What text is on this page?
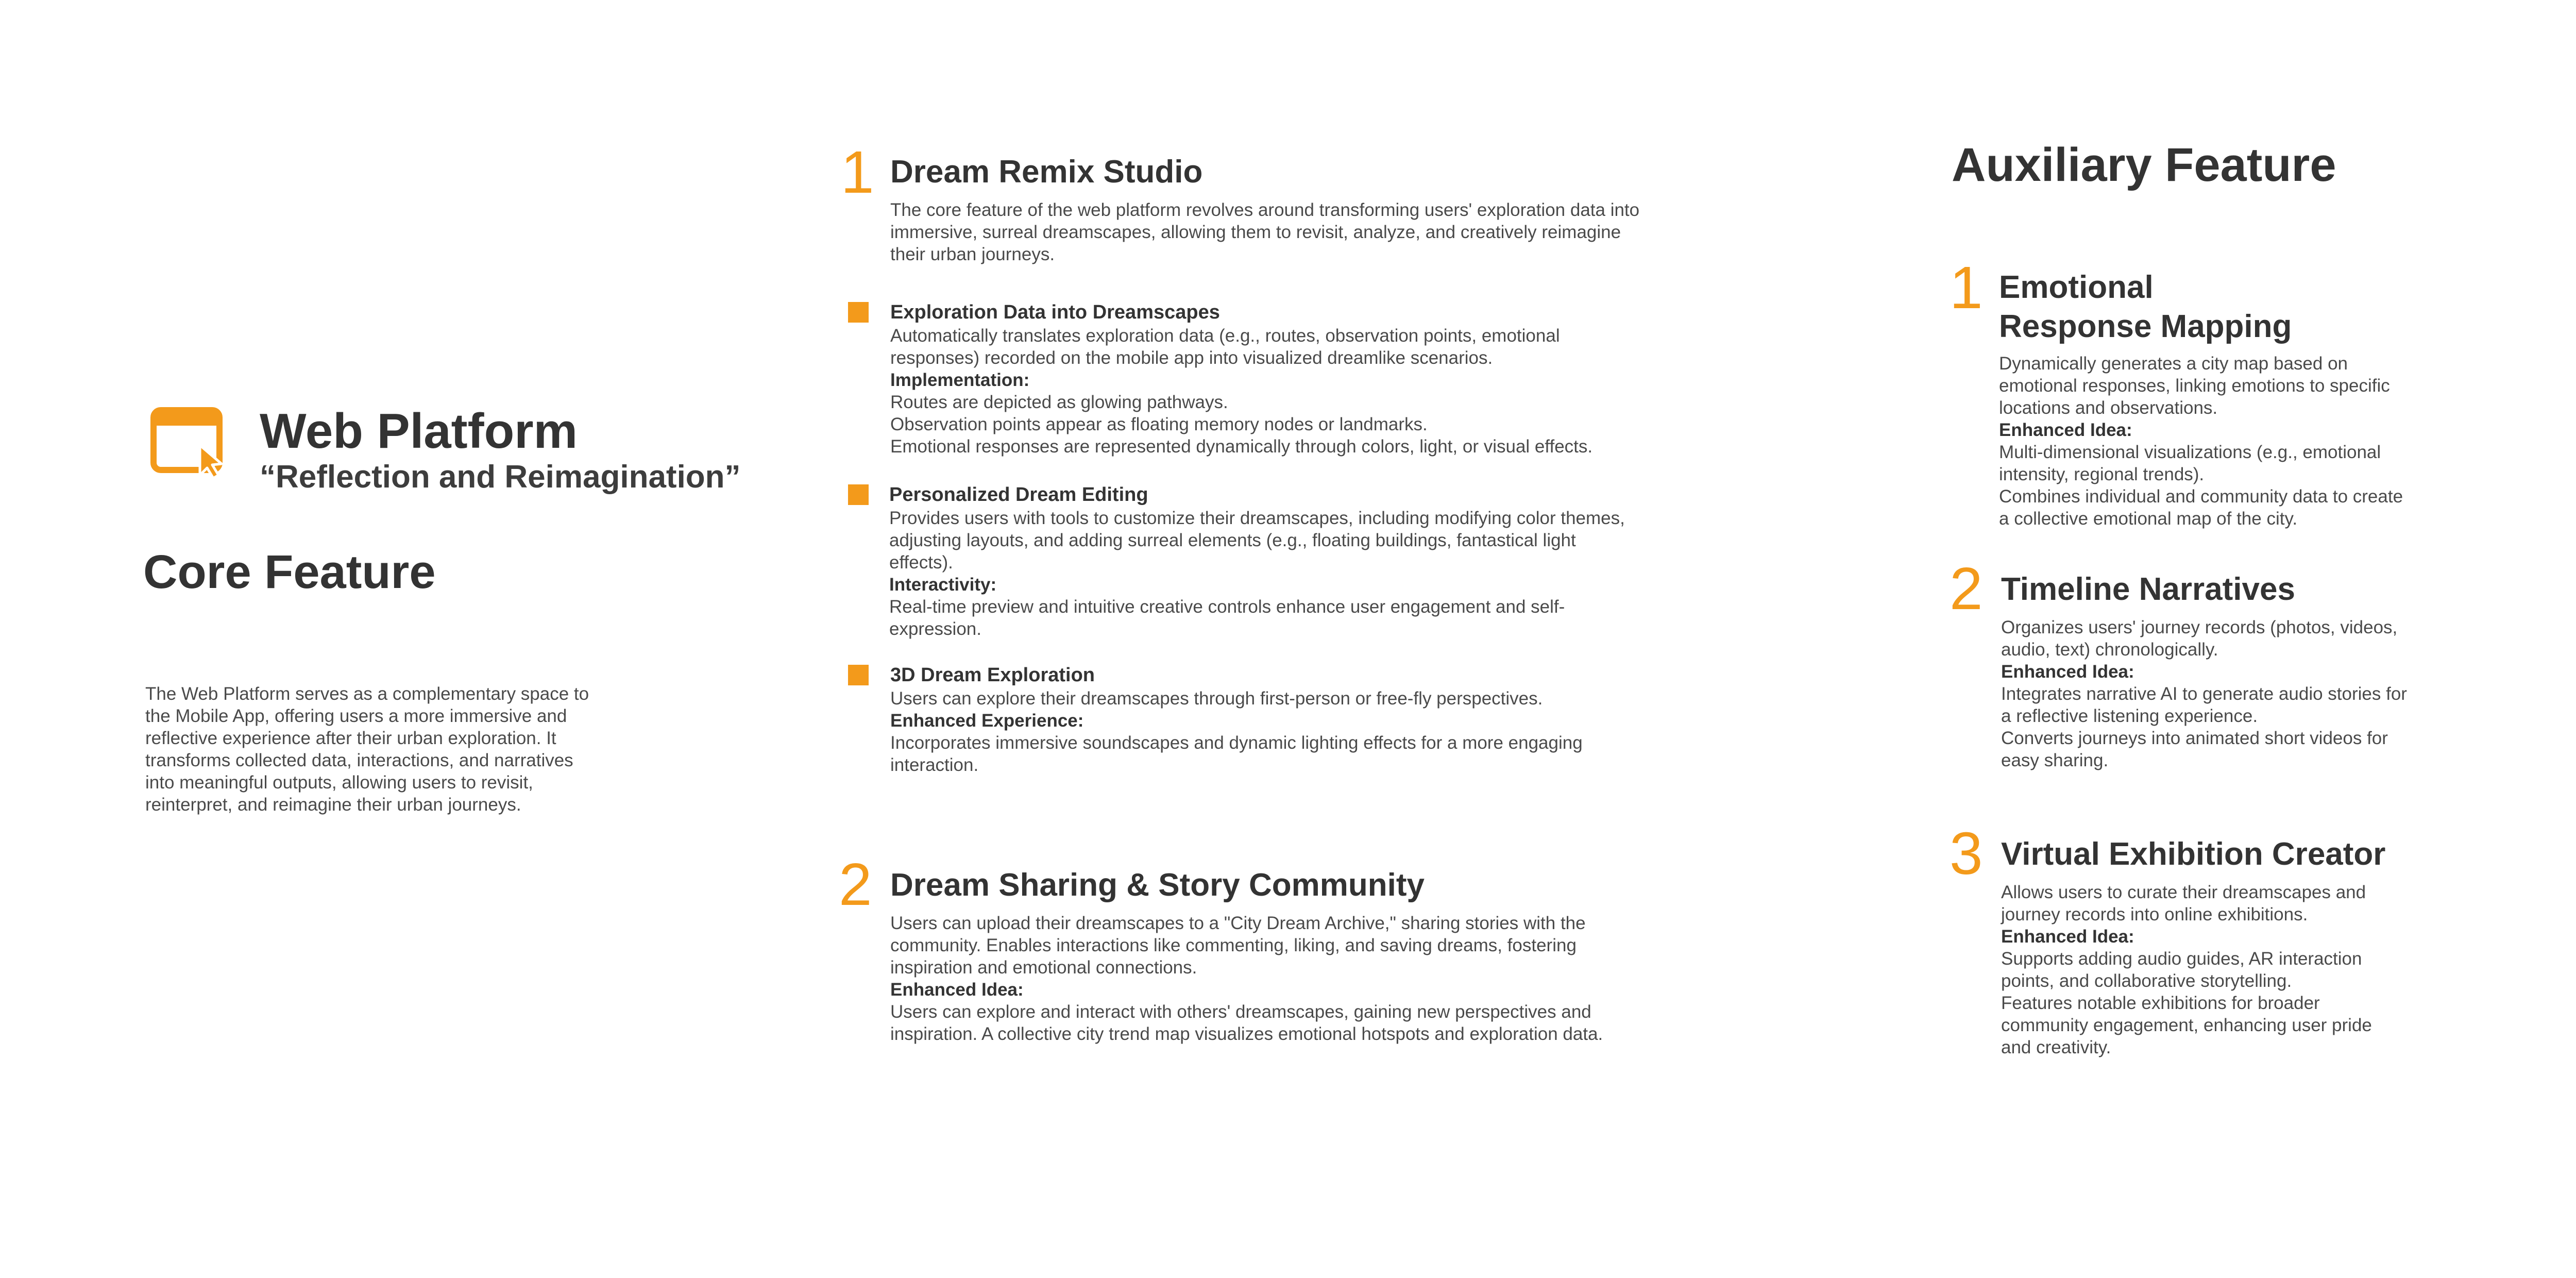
Web Platform
“Reflection and Reimagination”
Core Feature
The Web Platform serves as a complementary space to the Mobile App, offering users a more immersive and reflective experience after their urban exploration. It transforms collected data, interactions, and narratives into meaningful outputs, allowing users to revisit, reinterpret, and reimagine their urban journeys.
1 Dream Remix Studio
The core feature of the web platform revolves around transforming users' exploration data into immersive, surreal dreamscapes, allowing them to revisit, analyze, and creatively reimagine their urban journeys.
Exploration Data into Dreamscapes

Automatically translates exploration data (e.g., routes, observation points, emotional responses) recorded on the mobile app into visualized dreamlike scenarios.

Implementation:

Routes are depicted as glowing pathways.

Observation points appear as floating memory nodes or landmarks.

Emotional responses are represented dynamically through colors, light, or visual effects.

Personalized Dream Editing

Provides users with tools to customize their dreamscapes, including modifying color themes, adjusting layouts, and adding surreal elements (e.g., floating buildings, fantastical light effects).

Interactivity:

Real-time preview and intuitive creative controls enhance user engagement and self-expression.

3D Dream Exploration

Users can explore their dreamscapes through first-person or free-fly perspectives.

Enhanced Experience:

Incorporates immersive soundscapes and dynamic lighting effects for a more engaging interaction.

2 Dream Sharing & Story Community

Users can upload their dreamscapes to a "City Dream Archive," sharing stories with the community. Enables interactions like commenting, liking, and saving dreams, fostering inspiration and emotional connections.

Enhanced Idea:

Users can explore and interact with others' dreamscapes, gaining new perspectives and inspiration. A collective city trend map visualizes emotional hotspots and exploration data.

Auxiliary Feature
1 Emotional
Response Mapping

Dynamically generates a city map based on emotional responses, linking emotions to specific locations and observations.

Enhanced Idea:

Multi-dimensional visualizations (e.g., emotional intensity, regional trends).

Combines individual and community data to create a collective emotional map of the city.

2 Timeline Narratives

Organizes users' journey records (photos, videos, audio, text) chronologically.

Enhanced Idea:

Integrates narrative AI to generate audio stories for a reflective listening experience.

Converts journeys into animated short videos for easy sharing.

3 Virtual Exhibition Creator

Allows users to curate their dreamscapes and journey records into online exhibitions.

Enhanced Idea:

Supports adding audio guides, AR interaction points, and collaborative storytelling.

Features notable exhibitions for broader community engagement, enhancing user pride and creativity.
